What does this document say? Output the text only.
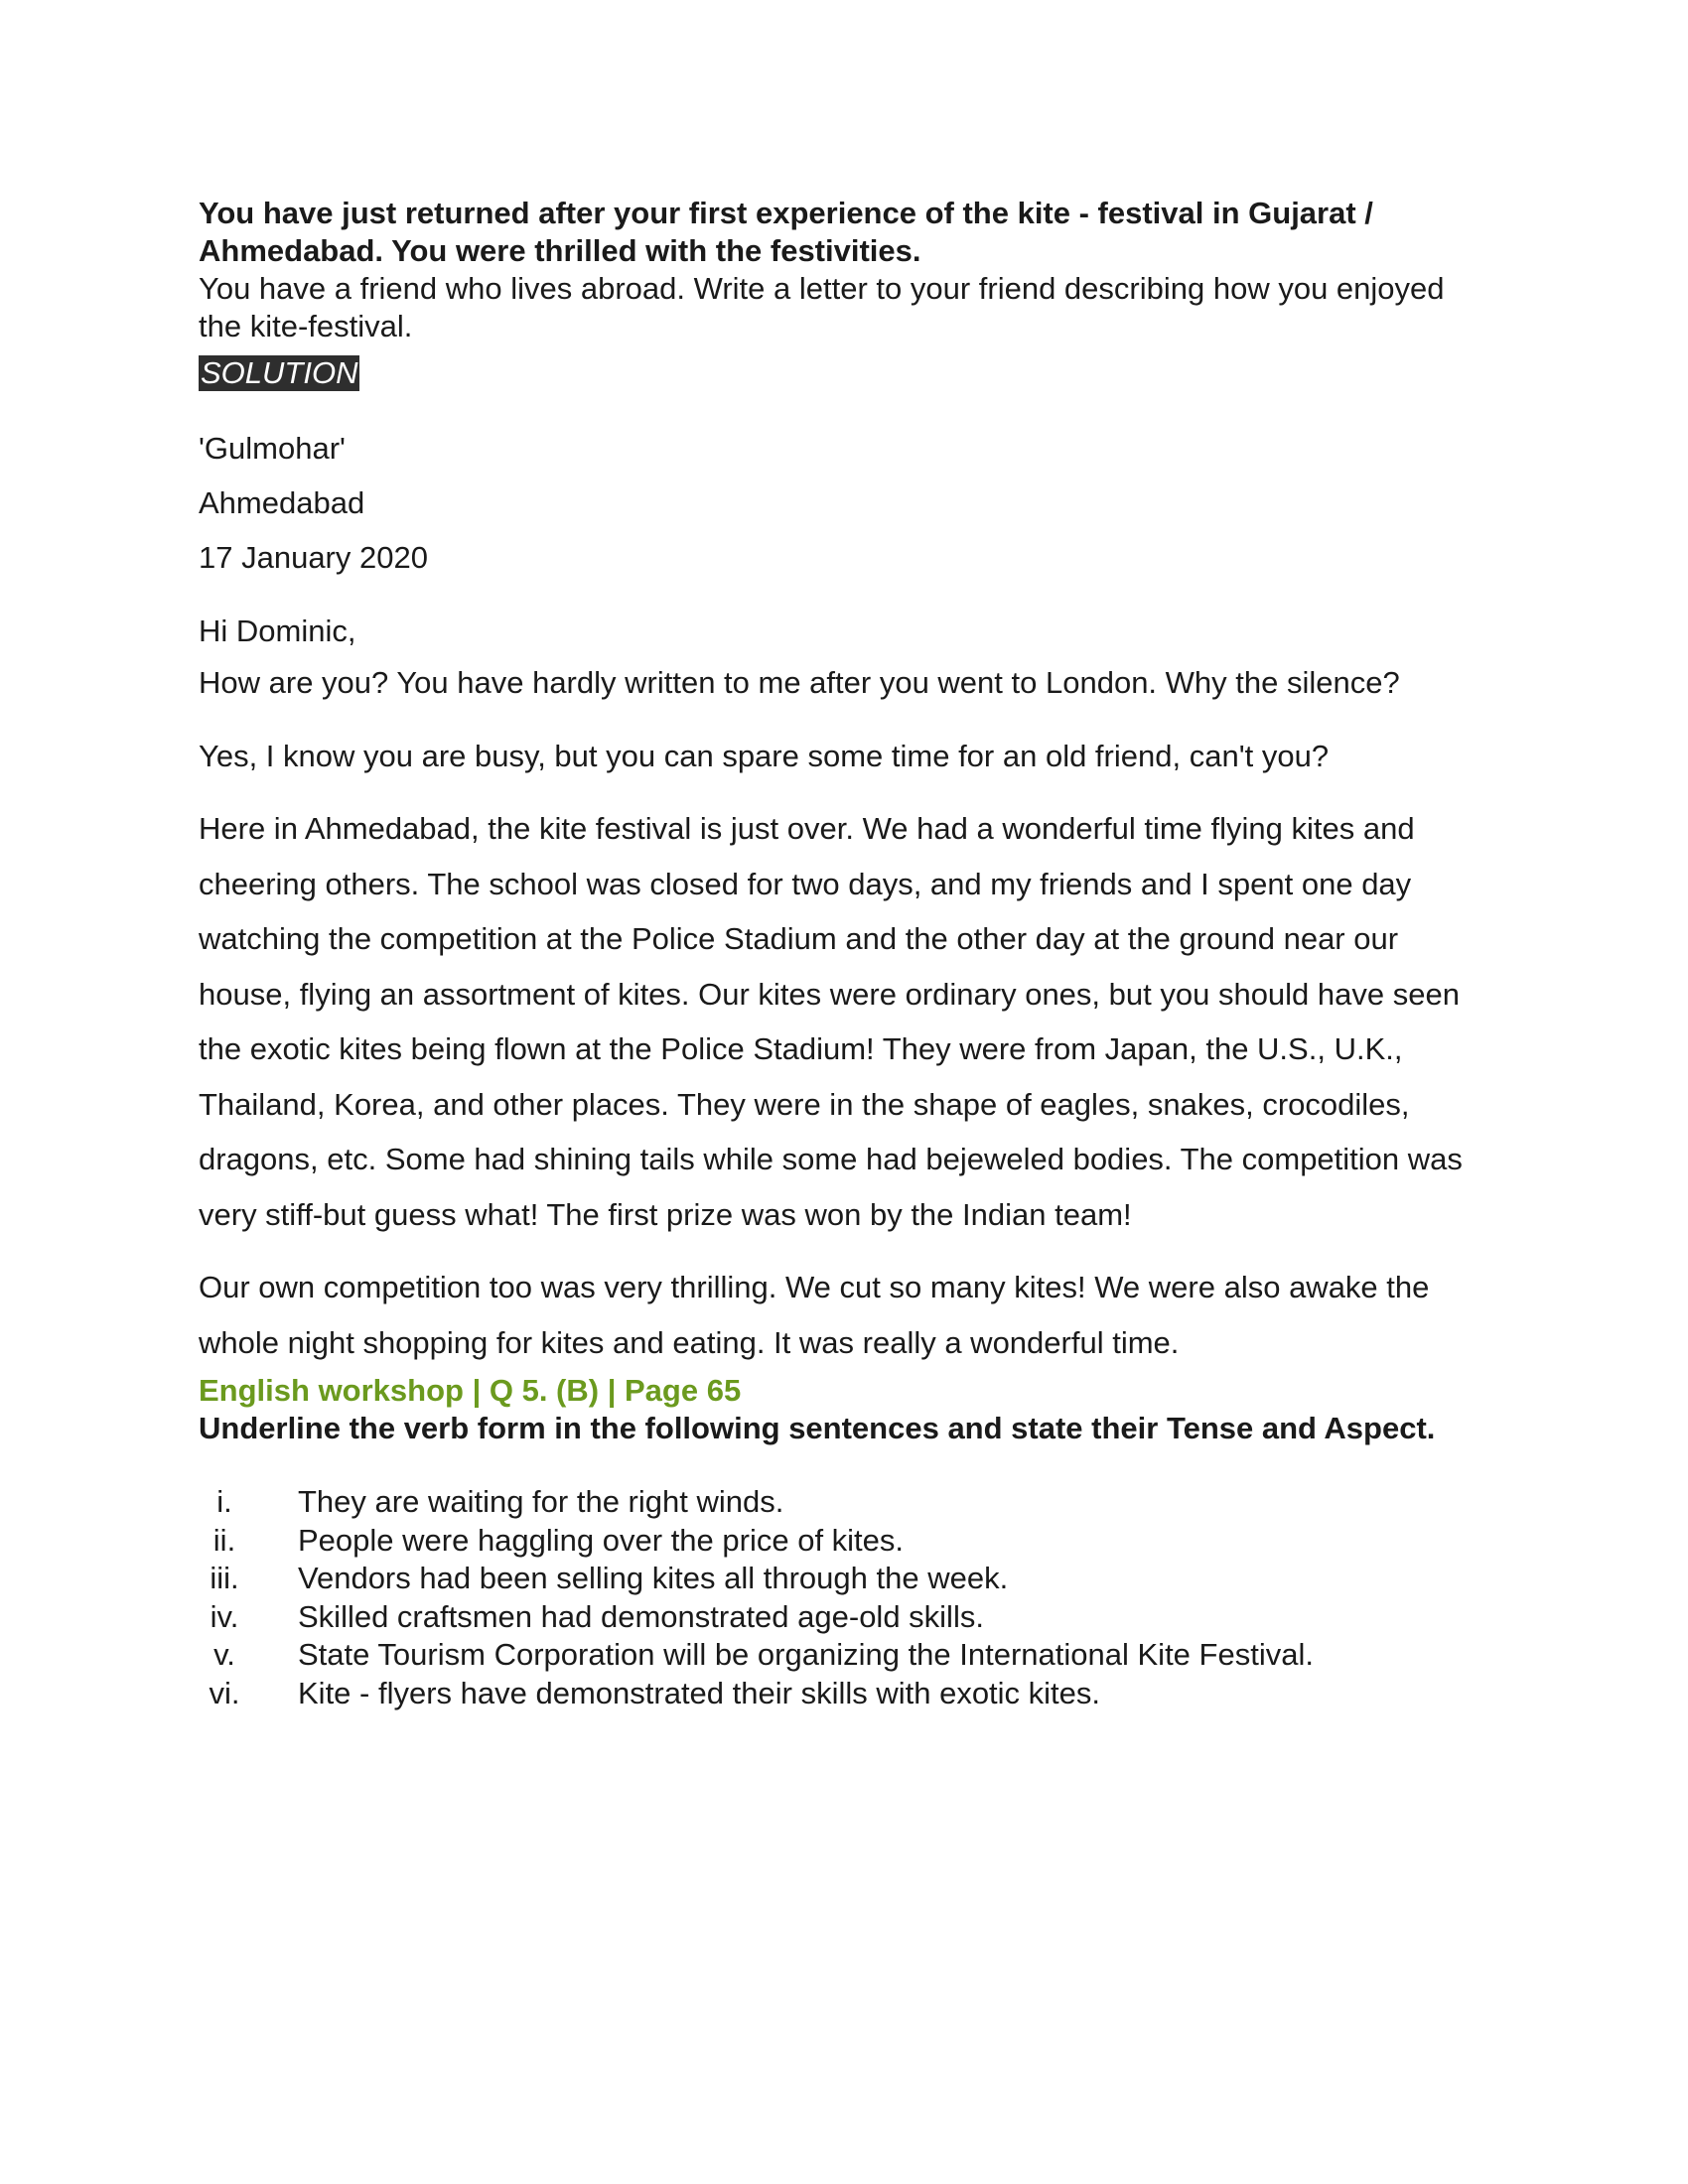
You have just returned after your first experience of the kite - festival in Gujarat / Ahmedabad. You were thrilled with the festivities.

You have a friend who lives abroad. Write a letter to your friend describing how you enjoyed the kite-festival.

SOLUTION

'Gulmohar'

Ahmedabad

17 January 2020

Hi Dominic,

How are you? You have hardly written to me after you went to London. Why the silence?

Yes, I know you are busy, but you can spare some time for an old friend, can't you?

Here in Ahmedabad, the kite festival is just over. We had a wonderful time flying kites and cheering others. The school was closed for two days, and my friends and I spent one day watching the competition at the Police Stadium and the other day at the ground near our house, flying an assortment of kites. Our kites were ordinary ones, but you should have seen the exotic kites being flown at the Police Stadium! They were from Japan, the U.S., U.K., Thailand, Korea, and other places. They were in the shape of eagles, snakes, crocodiles, dragons, etc. Some had shining tails while some had bejeweled bodies. The competition was very stiff-but guess what! The first prize was won by the Indian team!

Our own competition too was very thrilling. We cut so many kites! We were also awake the whole night shopping for kites and eating. It was really a wonderful time.

English workshop | Q 5. (B) | Page 65

Underline the verb form in the following sentences and state their Tense and Aspect.

i.	They are waiting for the right winds.
ii.	People were haggling over the price of kites.
iii.	Vendors had been selling kites all through the week.
iv.	Skilled craftsmen had demonstrated age-old skills.
v.	State Tourism Corporation will be organizing the International Kite Festival.
vi.	Kite - flyers have demonstrated their skills with exotic kites.
